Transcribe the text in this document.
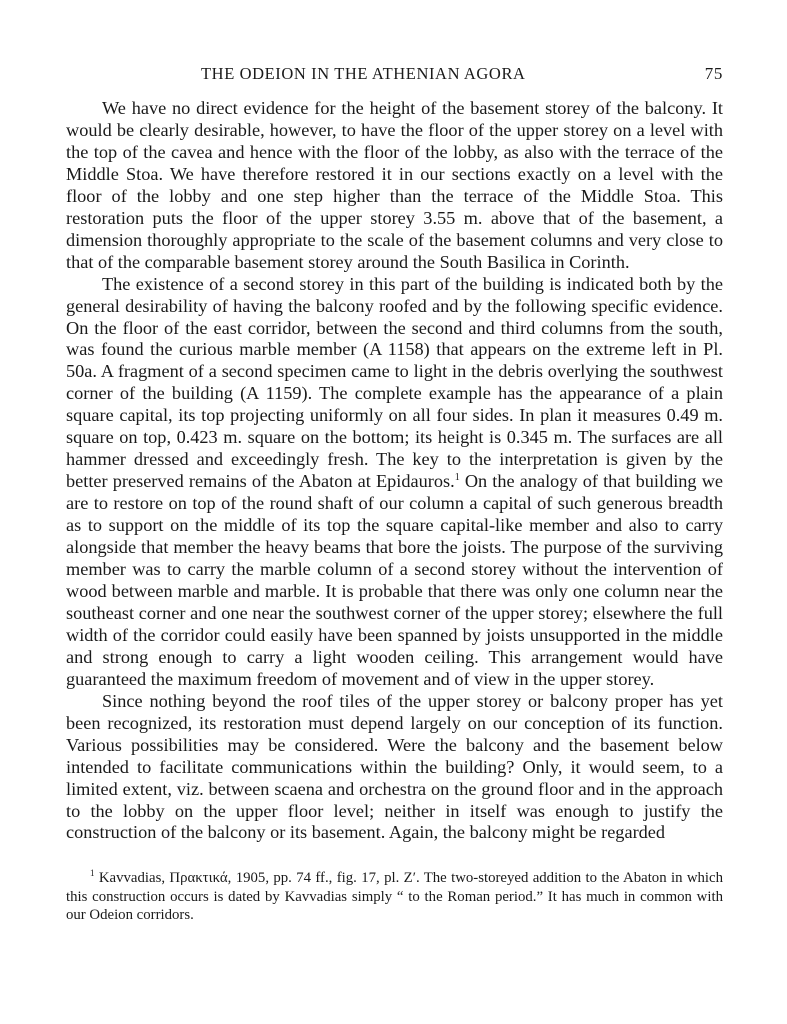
THE ODEION IN THE ATHENIAN AGORA	75

We have no direct evidence for the height of the basement storey of the balcony. It would be clearly desirable, however, to have the floor of the upper storey on a level with the top of the cavea and hence with the floor of the lobby, as also with the terrace of the Middle Stoa. We have therefore restored it in our sections exactly on a level with the floor of the lobby and one step higher than the terrace of the Middle Stoa. This restoration puts the floor of the upper storey 3.55 m. above that of the basement, a dimension thoroughly appropriate to the scale of the basement columns and very close to that of the comparable basement storey around the South Basilica in Corinth.

The existence of a second storey in this part of the building is indicated both by the general desirability of having the balcony roofed and by the following specific evidence. On the floor of the east corridor, between the second and third columns from the south, was found the curious marble member (A 1158) that appears on the extreme left in Pl. 50a. A fragment of a second specimen came to light in the debris overlying the southwest corner of the building (A 1159). The complete example has the appearance of a plain square capital, its top projecting uniformly on all four sides. In plan it measures 0.49 m. square on top, 0.423 m. square on the bottom; its height is 0.345 m. The surfaces are all hammer dressed and exceedingly fresh. The key to the interpretation is given by the better preserved remains of the Abaton at Epidauros.$^1$ On the analogy of that building we are to restore on top of the round shaft of our column a capital of such generous breadth as to support on the middle of its top the square capital-like member and also to carry alongside that member the heavy beams that bore the joists. The purpose of the surviving member was to carry the marble column of a second storey without the intervention of wood between marble and marble. It is probable that there was only one column near the southeast corner and one near the southwest corner of the upper storey; elsewhere the full width of the corridor could easily have been spanned by joists unsupported in the middle and strong enough to carry a light wooden ceiling. This arrangement would have guaranteed the maximum freedom of movement and of view in the upper storey.

Since nothing beyond the roof tiles of the upper storey or balcony proper has yet been recognized, its restoration must depend largely on our conception of its function. Various possibilities may be considered. Were the balcony and the basement below intended to facilitate communications within the building? Only, it would seem, to a limited extent, viz. between scaena and orchestra on the ground floor and in the approach to the lobby on the upper floor level; neither in itself was enough to justify the construction of the balcony or its basement. Again, the balcony might be regarded

$^1$ Kavvadias, Πρακτικά, 1905, pp. 74 ff., fig. 17, pl. Z′. The two-storeyed addition to the Abaton in which this construction occurs is dated by Kavvadias simply “ to the Roman period.” It has much in common with our Odeion corridors.
